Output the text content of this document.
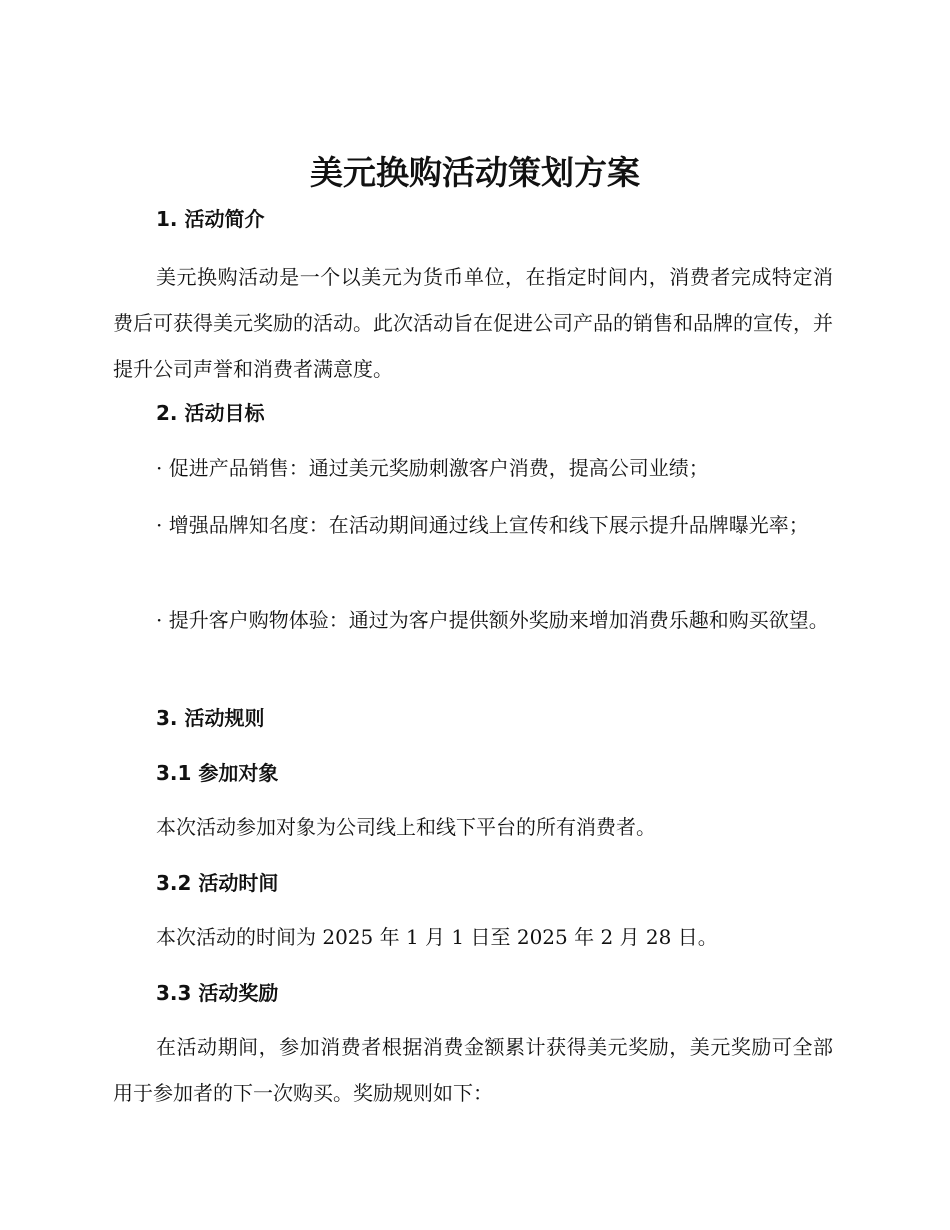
美元换购活动策划方案
1. 活动简介

美元换购活动是一个以美元为货币单位，在指定时间内，消费者完成特定消费后可获得美元奖励的活动。此次活动旨在促进公司产品的销售和品牌的宣传，并提升公司声誉和消费者满意度。

2. 活动目标

· 促进产品销售：通过美元奖励刺激客户消费，提高公司业绩；

· 增强品牌知名度：在活动期间通过线上宣传和线下展示提升品牌曝光率；

· 提升客户购物体验：通过为客户提供额外奖励来增加消费乐趣和购买欲望。

3. 活动规则
3.1 参加对象

本次活动参加对象为公司线上和线下平台的所有消费者。

3.2 活动时间

本次活动的时间为 2025 年 1 月 1 日至 2025 年 2 月 28 日。

3.3 活动奖励

在活动期间，参加消费者根据消费金额累计获得美元奖励，美元奖励可全部用于参加者的下一次购买。奖励规则如下：
